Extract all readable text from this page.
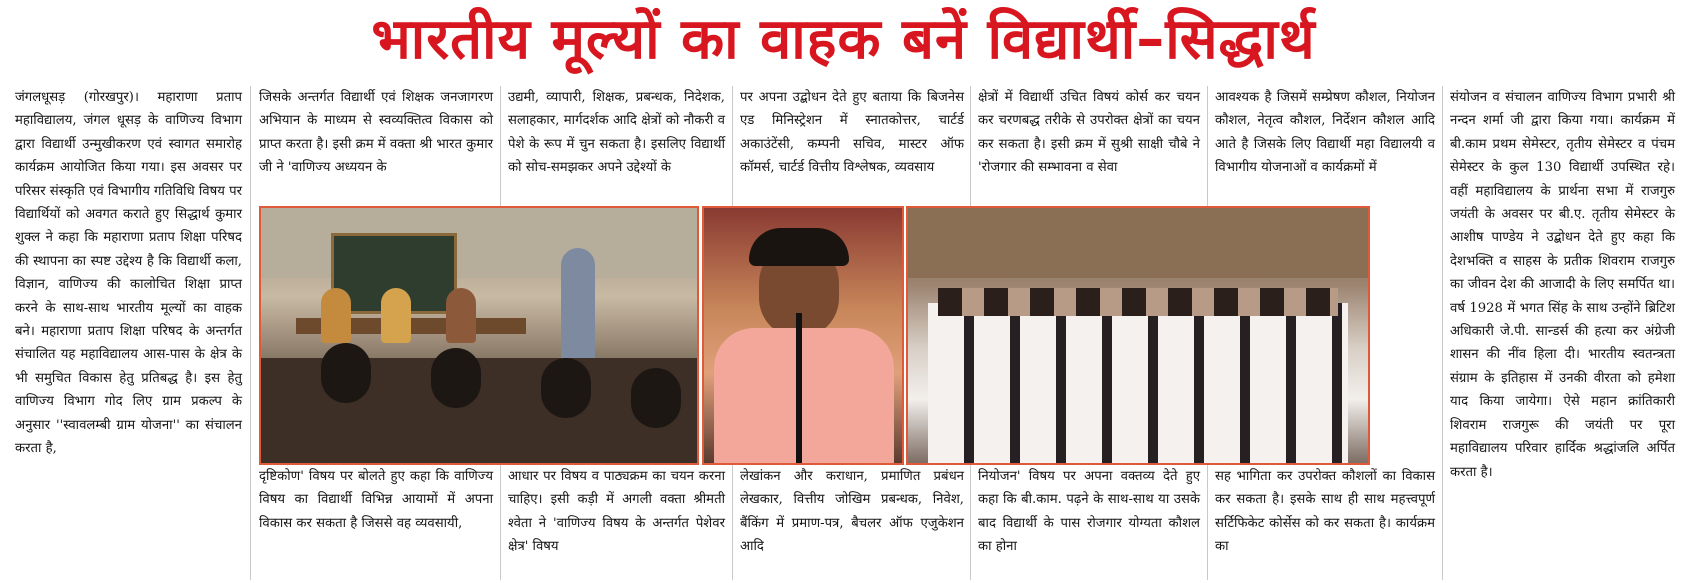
भारतीय मूल्यों का वाहक बनें विद्यार्थी–सिद्धार्थ

जंगलधूसड़ (गोरखपुर)। महाराणा प्रताप महाविद्यालय, जंगल धूसड़ के वाणिज्य विभाग द्वारा विद्यार्थी उन्मुखीकरण एवं स्वागत समारोह कार्यक्रम आयोजित किया गया। इस अवसर पर परिसर संस्कृति एवं विभागीय गतिविधि विषय पर विद्यार्थियों को अवगत कराते हुए सिद्धार्थ कुमार शुक्ल ने कहा कि महाराणा प्रताप शिक्षा परिषद की स्थापना का स्पष्ट उद्देश्य है कि विद्यार्थी कला, विज्ञान, वाणिज्य की कालोचित शिक्षा प्राप्त करने के साथ-साथ भारतीय मूल्यों का वाहक बने। महाराणा प्रताप शिक्षा परिषद के अन्तर्गत संचालित यह महाविद्यालय आस-पास के क्षेत्र के भी समुचित विकास हेतु प्रतिबद्ध है। इस हेतु वाणिज्य विभाग गोद लिए ग्राम प्रकल्प के अनुसार ''स्वावलम्बी ग्राम योजना'' का संचालन करता है,

जिसके अन्तर्गत विद्यार्थी एवं शिक्षक जनजागरण अभियान के माध्यम से स्वव्यक्तित्व विकास को प्राप्त करता है। इसी क्रम में वक्ता श्री भारत कुमार जी ने 'वाणिज्य अध्ययन के

उद्यमी, व्यापारी, शिक्षक, प्रबन्धक, निदेशक, सलाहकार, मार्गदर्शक आदि क्षेत्रों को नौकरी व पेशे के रूप में चुन सकता है। इसलिए विद्यार्थी को सोच-समझकर अपने उद्देश्यों के

पर अपना उद्बोधन देते हुए बताया कि बिजनेस एड मिनिस्ट्रेशन में स्नातकोत्तर, चार्टर्ड अकाउंटेंसी, कम्पनी सचिव, मास्टर ऑफ कॉमर्स, चार्टर्ड वित्तीय विश्लेषक, व्यवसाय

क्षेत्रों में विद्यार्थी उचित विषयं कोर्स कर चयन कर चरणबद्ध तरीके से उपरोक्त क्षेत्रों का चयन कर सकता है। इसी क्रम में सुश्री साक्षी चौबे ने 'रोजगार की सम्भावना व सेवा

आवश्यक है जिसमें सम्प्रेषण कौशल, नियोजन कौशल, नेतृत्व कौशल, निर्देशन कौशल आदि आते है जिसके लिए विद्यार्थी महा विद्यालयी व विभागीय योजनाओं व कार्यक्रमों में

संयोजन व संचालन वाणिज्य विभाग प्रभारी श्री नन्दन शर्मा जी द्वारा किया गया। कार्यक्रम में बी.काम प्रथम सेमेस्टर, तृतीय सेमेस्टर व पंचम सेमेस्टर के कुल 130 विद्यार्थी उपस्थित रहे। वहीं महाविद्यालय के प्रार्थना सभा में राजगुरु जयंती के अवसर पर बी.ए. तृतीय सेमेस्टर के आशीष पाण्डेय ने उद्बोधन देते हुए कहा कि देशभक्ति व साहस के प्रतीक शिवराम राजगुरु का जीवन देश की आजादी के लिए समर्पित था। वर्ष 1928 में भगत सिंह के साथ उन्होंने ब्रिटिश अधिकारी जे.पी. सान्डर्स की हत्या कर अंग्रेजी शासन की नींव हिला दी। भारतीय स्वतन्त्रता संग्राम के इतिहास में उनकी वीरता को हमेशा याद किया जायेगा। ऐसे महान क्रांतिकारी शिवराम राजगुरू की जयंती पर पूरा महाविद्यालय परिवार हार्दिक श्रद्धांजलि अर्पित करता है।

दृष्टिकोण' विषय पर बोलते हुए कहा कि वाणिज्य विषय का विद्यार्थी विभिन्न आयामों में अपना विकास कर सकता है जिससे वह व्यवसायी,

आधार पर विषय व पाठ्यक्रम का चयन करना चाहिए। इसी कड़ी में अगली वक्ता श्रीमती श्वेता ने 'वाणिज्य विषय के अन्तर्गत पेशेवर क्षेत्र' विषय

लेखांकन और कराधान, प्रमाणित प्रबंधन लेखकार, वित्तीय जोखिम प्रबन्धक, निवेश, बैंकिंग में प्रमाण-पत्र, बैचलर ऑफ एजुकेशन आदि

नियोजन' विषय पर अपना वक्तव्य देते हुए कहा कि बी.काम. पढ़ने के साथ-साथ या उसके बाद विद्यार्थी के पास रोजगार योग्यता कौशल का होना

सह भागिता कर उपरोक्त कौशलों का विकास कर सकता है। इसके साथ ही साथ महत्त्वपूर्ण सर्टिफिकेट कोर्सेस को कर सकता है। कार्यक्रम का
